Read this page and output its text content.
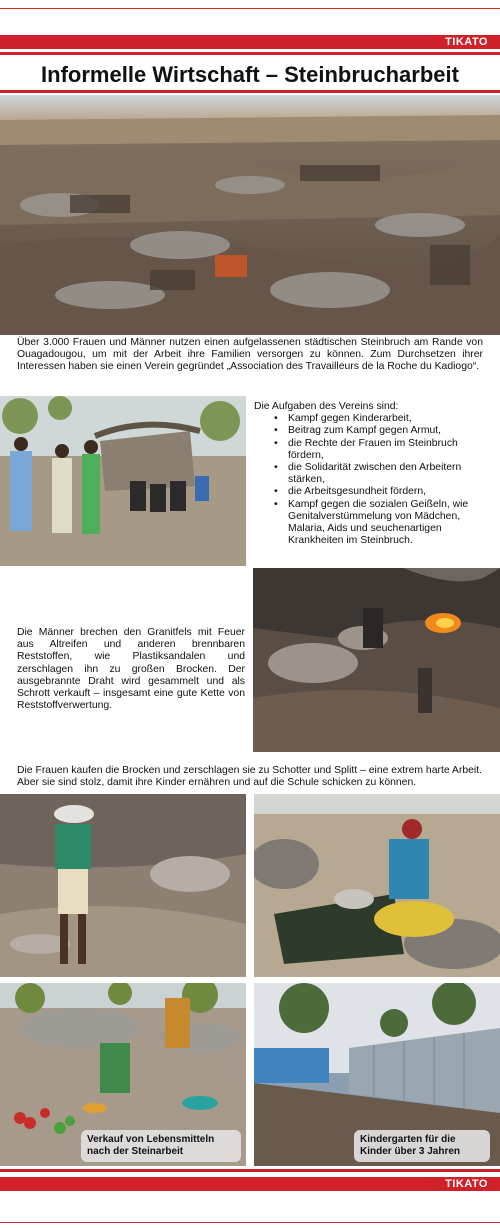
TIKATO
Informelle Wirtschaft – Steinbrucharbeit
Über 3.000 Frauen und Männer nutzen einen aufgelassenen städtischen Steinbruch am Rande von Ouagadougou, um mit der Arbeit ihre Familien versorgen zu können. Zum Durchsetzen ihrer Interessen haben sie einen Verein gegründet „Association des Travailleurs de la Roche du Kadiogo“.
Die Aufgaben des Vereins sind:
• Kampf gegen Kinderarbeit,
• Beitrag zum Kampf gegen Armut,
• die Rechte der Frauen im Steinbruch fördern,
• die Solidarität zwischen den Arbeitern stärken,
• die Arbeitsgesundheit fördern,
• Kampf gegen die sozialen Geißeln, wie Genitalverstümmelung von Mädchen, Malaria, Aids und seuchenartigen Krankheiten im Steinbruch.
Die Männer brechen den Granitfels mit Feuer aus Altreifen und anderen brennbaren Reststoffen, wie Plastiksandalen und zerschlagen ihn zu großen Brocken. Der ausgebrannte Draht wird gesammelt und als Schrott verkauft – insgesamt eine gute Kette von Reststoffverwertung.
Die Frauen kaufen die Brocken und zerschlagen sie zu Schotter und Splitt – eine extrem harte Arbeit. Aber sie sind stolz, damit ihre Kinder ernähren und auf die Schule schicken zu können.
Verkauf von Lebensmitteln nach der Steinarbeit
Kindergarten für die Kinder über 3 Jahren
TIKATO
